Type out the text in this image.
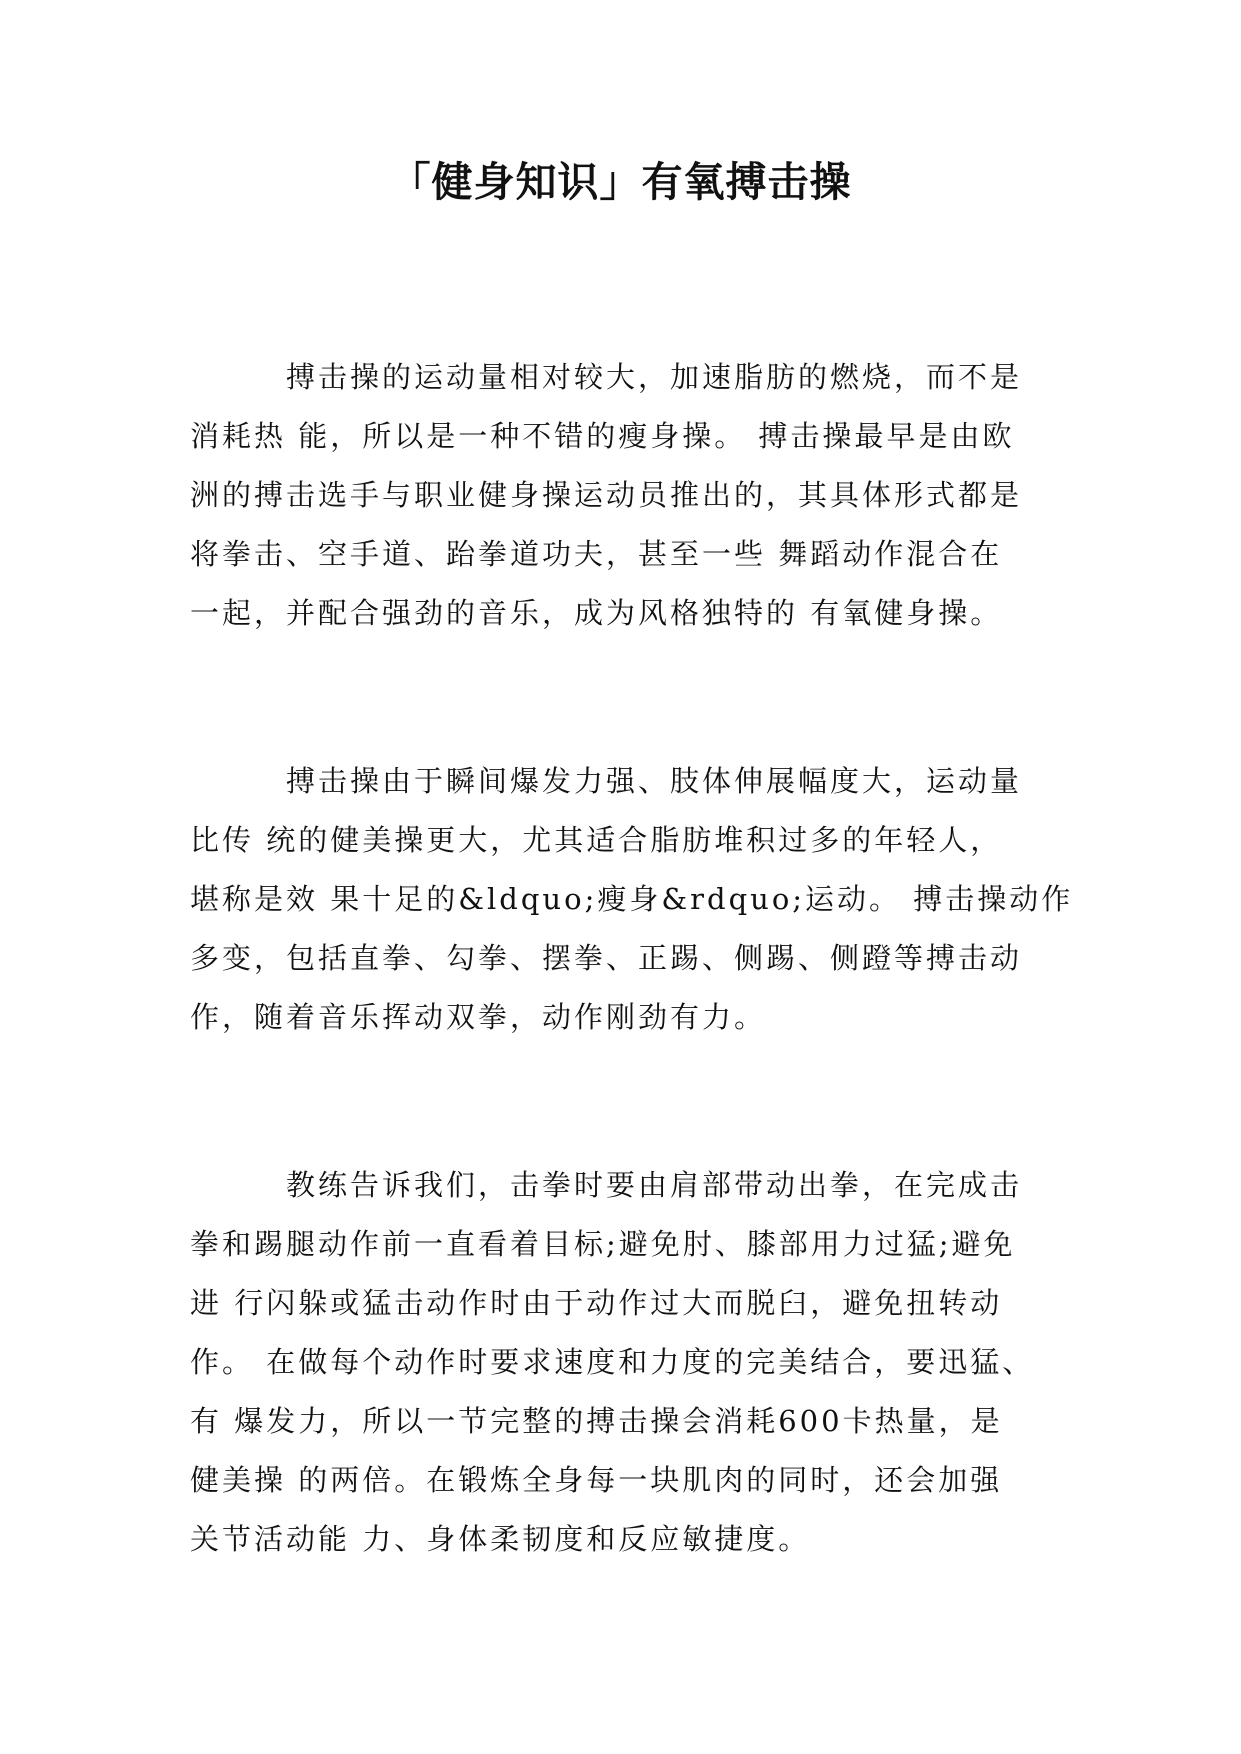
「健身知识」有氧搏击操
　　　搏击操的运动量相对较大，加速脂肪的燃烧，而不是
消耗热 能，所以是一种不错的瘦身操。 搏击操最早是由欧
洲的搏击选手与职业健身操运动员推出的，其具体形式都是
将拳击、空手道、跆拳道功夫，甚至一些 舞蹈动作混合在
一起，并配合强劲的音乐，成为风格独特的 有氧健身操。
　　　搏击操由于瞬间爆发力强、肢体伸展幅度大，运动量
比传 统的健美操更大，尤其适合脂肪堆积过多的年轻人，
堪称是效 果十足的&ldquo;瘦身&rdquo;运动。 搏击操动作
多变，包括直拳、勾拳、摆拳、正踢、侧踢、侧蹬等搏击动
作，随着音乐挥动双拳，动作刚劲有力。
　　　教练告诉我们，击拳时要由肩部带动出拳，在完成击
拳和踢腿动作前一直看着目标;避免肘、膝部用力过猛;避免
进 行闪躲或猛击动作时由于动作过大而脱臼，避免扭转动
作。 在做每个动作时要求速度和力度的完美结合，要迅猛、
有 爆发力，所以一节完整的搏击操会消耗600卡热量，是
健美操 的两倍。在锻炼全身每一块肌肉的同时，还会加强
关节活动能 力、身体柔韧度和反应敏捷度。
